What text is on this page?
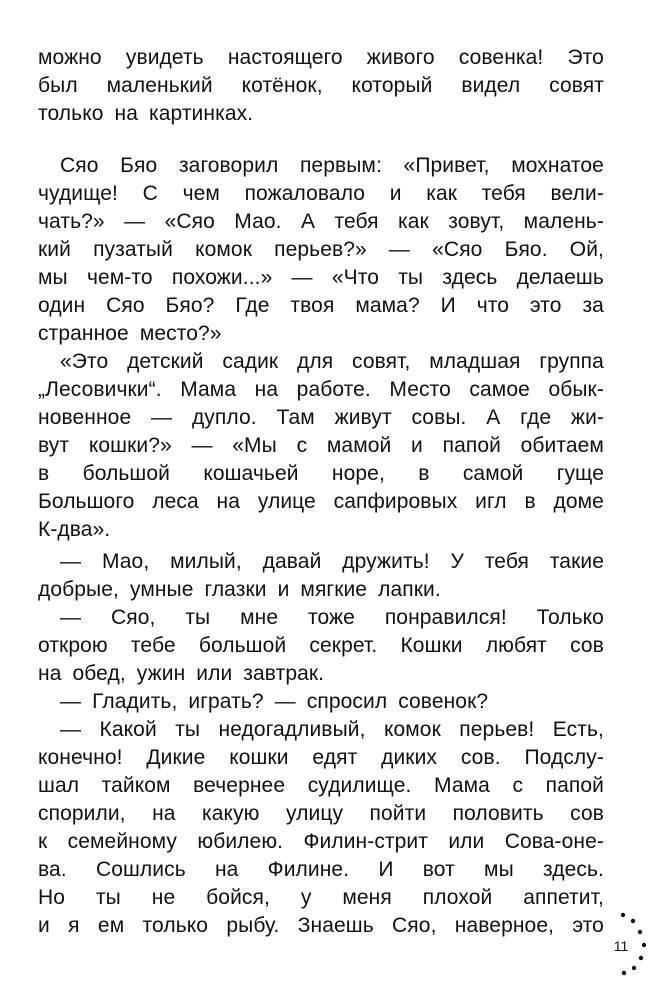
можно увидеть настоящего живого совенка! Это
был маленький котёнок, который видел совят
только на картинках.
Сяо Бяо заговорил первым: «Привет, мохнатое
чудище! С чем пожаловало и как тебя вели-
чать?» — «Сяо Мао. А тебя как зовут, малень-
кий пузатый комок перьев?» — «Сяо Бяо. Ой,
мы чем-то похожи...» — «Что ты здесь делаешь
один Сяо Бяо? Где твоя мама? И что это за
странное место?»
«Это детский садик для совят, младшая группа
„Лесовички“. Мама на работе. Место самое обык-
новенное — дупло. Там живут совы. А где жи-
вут кошки?» — «Мы с мамой и папой обитаем
в большой кошачьей норе, в самой гуще
Большого леса на улице сапфировых игл в доме
К-два».
— Мао, милый, давай дружить! У тебя такие
добрые, умные глазки и мягкие лапки.
— Сяо, ты мне тоже понравился! Только
открою тебе большой секрет. Кошки любят сов
на обед, ужин или завтрак.
— Гладить, играть? — спросил совенок?
— Какой ты недогадливый, комок перьев! Есть,
конечно! Дикие кошки едят диких сов. Подслу-
шал тайком вечернее судилище. Мама с папой
спорили, на какую улицу пойти половить сов
к семейному юбилею. Филин-стрит или Сова-оне-
ва. Сошлись на Филине. И вот мы здесь.
Но ты не бойся, у меня плохой аппетит,
и я ем только рыбу. Знаешь Сяо, наверное, это
11
